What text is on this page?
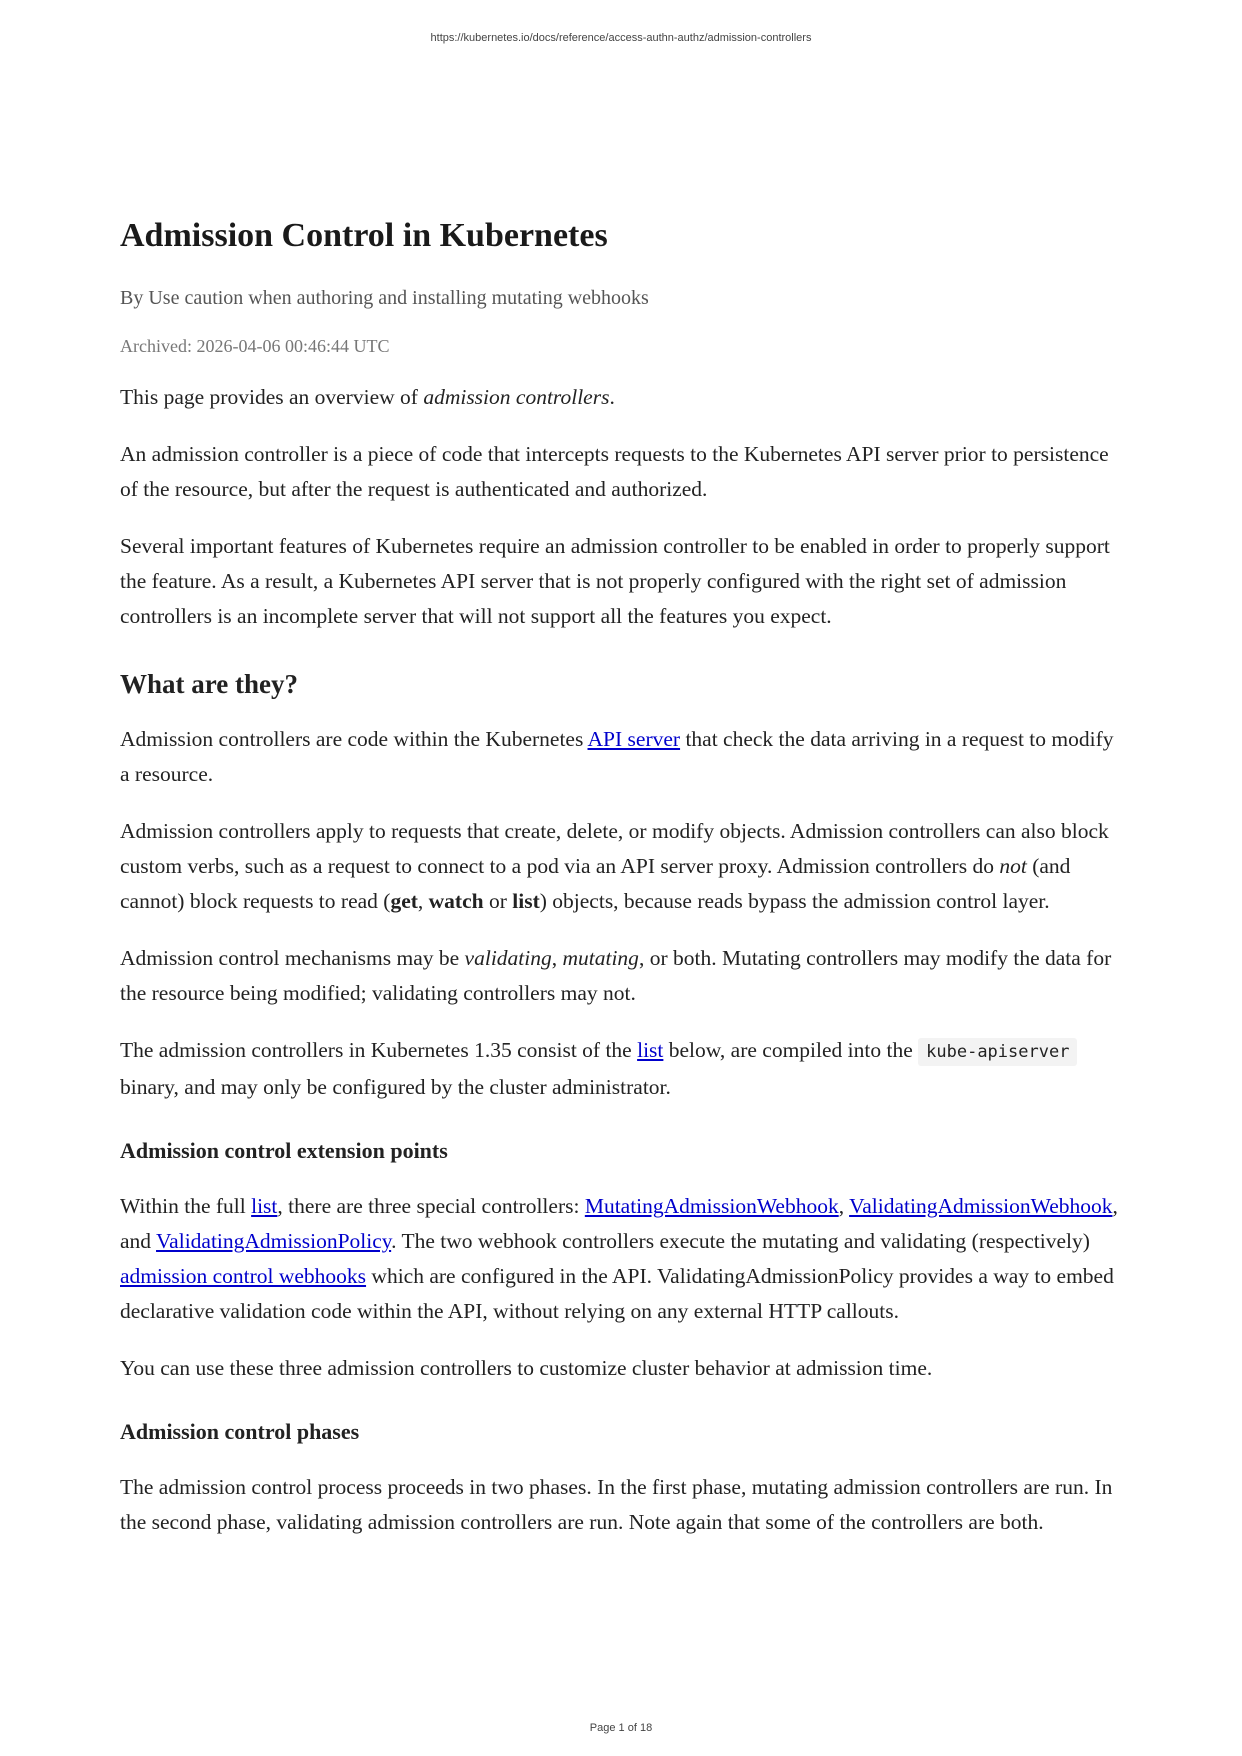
https://kubernetes.io/docs/reference/access-authn-authz/admission-controllers
Admission Control in Kubernetes
By Use caution when authoring and installing mutating webhooks
Archived: 2026-04-06 00:46:44 UTC

This page provides an overview of admission controllers.

An admission controller is a piece of code that intercepts requests to the Kubernetes API server prior to persistence of the resource, but after the request is authenticated and authorized.

Several important features of Kubernetes require an admission controller to be enabled in order to properly support the feature. As a result, a Kubernetes API server that is not properly configured with the right set of admission controllers is an incomplete server that will not support all the features you expect.

What are they?

Admission controllers are code within the Kubernetes API server that check the data arriving in a request to modify a resource.

Admission controllers apply to requests that create, delete, or modify objects. Admission controllers can also block custom verbs, such as a request to connect to a pod via an API server proxy. Admission controllers do not (and cannot) block requests to read (get, watch or list) objects, because reads bypass the admission control layer.

Admission control mechanisms may be validating, mutating, or both. Mutating controllers may modify the data for the resource being modified; validating controllers may not.

The admission controllers in Kubernetes 1.35 consist of the list below, are compiled into the kube-apiserver binary, and may only be configured by the cluster administrator.

Admission control extension points

Within the full list, there are three special controllers: MutatingAdmissionWebhook, ValidatingAdmissionWebhook, and ValidatingAdmissionPolicy. The two webhook controllers execute the mutating and validating (respectively) admission control webhooks which are configured in the API. ValidatingAdmissionPolicy provides a way to embed declarative validation code within the API, without relying on any external HTTP callouts.

You can use these three admission controllers to customize cluster behavior at admission time.

Admission control phases

The admission control process proceeds in two phases. In the first phase, mutating admission controllers are run. In the second phase, validating admission controllers are run. Note again that some of the controllers are both.

Page 1 of 18
